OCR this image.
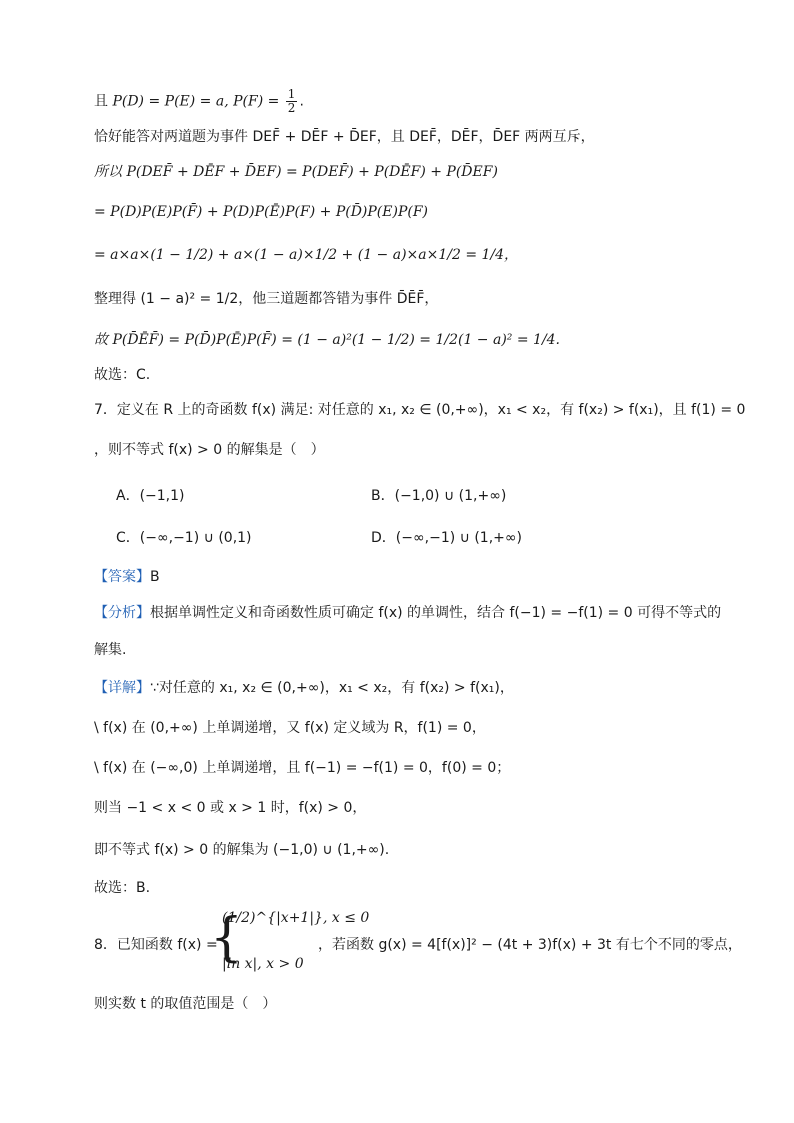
且 P(D) = P(E) = a, $P(F) = \frac{1}{2}$ .
恰好能答对两道题为事件 DEF̄ + DĒF + D̄EF，且 DEF̄，DĒF，D̄EF 两两互斥，
所以 P(DEF̄ + DĒF + D̄EF) = P(DEF̄) + P(DĒF) + P(D̄EF)
= P(D)P(E)P(F̄) + P(D)P(Ē)P(F) + P(D̄)P(E)P(F)
= a×a×(1 − 1/2) + a×(1 − a)×1/2 + (1 − a)×a×1/2 = 1/4，
整理得 (1 − a)² = 1/2，他三道题都答错为事件 D̄ĒF̄，
故 P(D̄ĒF̄) = P(D̄)P(Ē)P(F̄) = (1 − a)²(1 − 1/2) = 1/2(1 − a)² = 1/4.
故选：C.
7．定义在 R 上的奇函数 f(x) 满足: 对任意的 x₁, x₂ ∈ (0,+∞)，x₁ < x₂，有 f(x₂) > f(x₁)，且 f(1) = 0
，则不等式 f(x) > 0 的解集是（　）
A．(−1,1)	B．(−1,0) ∪ (1,+∞)
C．(−∞,−1) ∪ (0,1)	D．(−∞,−1) ∪ (1,+∞)
【答案】B
【分析】根据单调性定义和奇函数性质可确定 f(x) 的单调性，结合 f(−1) = −f(1) = 0 可得不等式的
解集.
【详解】∵对任意的 x₁, x₂ ∈ (0,+∞)，x₁ < x₂，有 f(x₂) > f(x₁)，
\ f(x) 在 (0,+∞) 上单调递增，又 f(x) 定义域为 R，f(1) = 0，
\ f(x) 在 (−∞,0) 上单调递增，且 f(−1) = −f(1) = 0，f(0) = 0；
则当 −1 < x < 0 或 x > 1 时，f(x) > 0，
即不等式 f(x) > 0 的解集为 (−1,0) ∪ (1,+∞).
故选：B.
8．已知函数 f(x) =
{
(1/2)^{|x+1|}, x ≤ 0
|ln x|, x > 0
，若函数 g(x) = 4[f(x)]² − (4t + 3)f(x) + 3t 有七个不同的零点，
则实数 t 的取值范围是（　）
